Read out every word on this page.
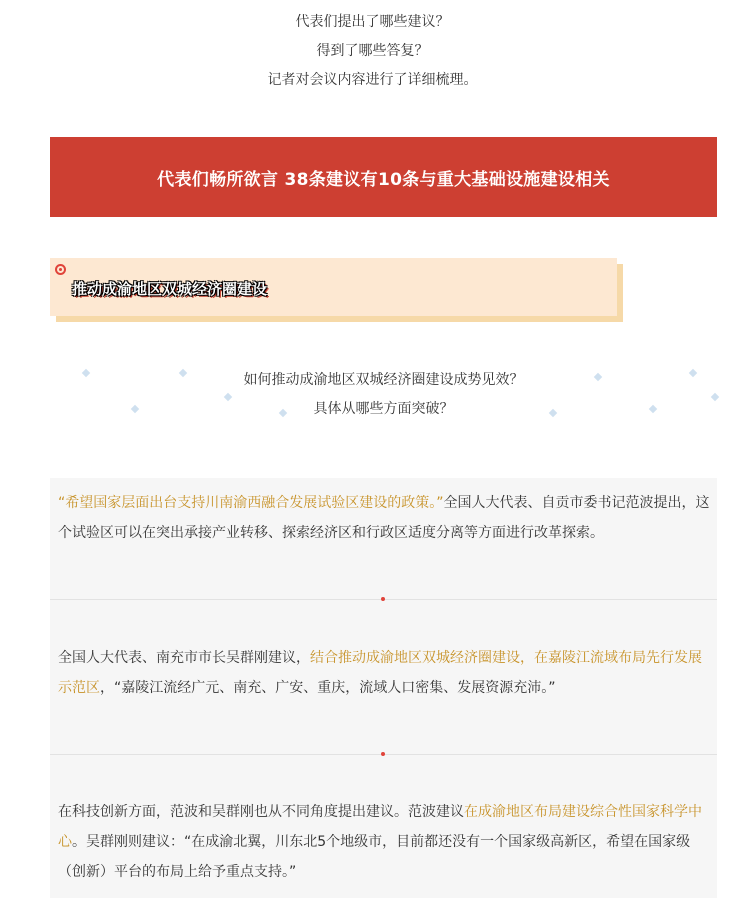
代表们提出了哪些建议？
得到了哪些答复？
记者对会议内容进行了详细梳理。
代表们畅所欲言 38条建议有10条与重大基础设施建设相关
推动成渝地区双城经济圈建设
如何推动成渝地区双城经济圈建设成势见效？
具体从哪些方面突破？
“希望国家层面出台支持川南渝西融合发展试验区建设的政策。”全国人大代表、自贡市委书记范波提出，这个试验区可以在突出承接产业转移、探索经济区和行政区适度分离等方面进行改革探索。
全国人大代表、南充市市长吴群刚建议，结合推动成渝地区双城经济圈建设，在嘉陵江流域布局先行发展示范区，“嘉陵江流经广元、南充、广安、重庆，流域人口密集、发展资源充沛。”
在科技创新方面，范波和吴群刚也从不同角度提出建议。范波建议在成渝地区布局建设综合性国家科学中心。吴群刚则建议：“在成渝北翼，川东北5个地级市，目前都还没有一个国家级高新区，希望在国家级（创新）平台的布局上给予重点支持。”
